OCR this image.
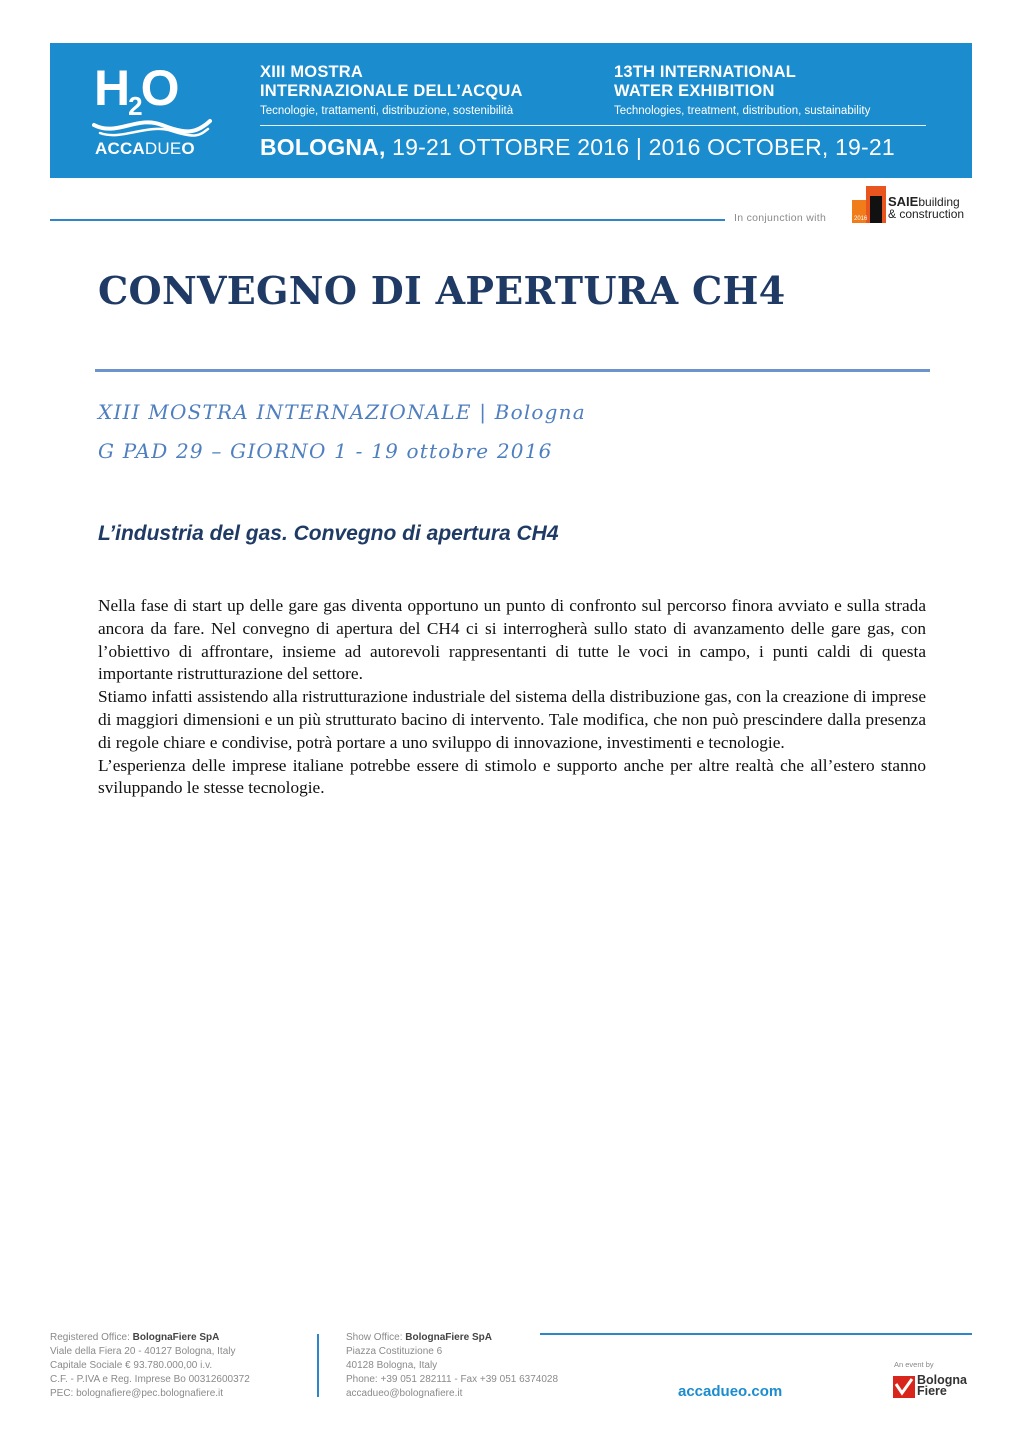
$H_2O$
ACCADUEO
XIII MOSTRA
INTERNAZIONALE DELL’ACQUA
Tecnologie, trattamenti, distribuzione, sostenibilità
13TH INTERNATIONAL
WATER EXHIBITION
Technologies, treatment, distribution, sustainability
BOLOGNA, 19-21 OTTOBRE 2016 | 2016 OCTOBER, 19-21
In conjunction with	2016
SAIEbuilding
& construction
CONVEGNO DI APERTURA CH4
XIII MOSTRA INTERNAZIONALE | Bologna
G PAD 29 – GIORNO 1 - 19 ottobre 2016
L’industria del gas. Convegno di apertura CH4

Nella fase di start up delle gare gas diventa opportuno un punto di confronto sul percorso finora avviato e sulla strada ancora da fare. Nel convegno di apertura del CH4 ci si interrogherà sullo stato di avanzamento delle gare gas, con l’obiettivo di affrontare, insieme ad autorevoli rappresentanti di tutte le voci in campo, i punti caldi di questa importante ristrutturazione del settore.

Stiamo infatti assistendo alla ristrutturazione industriale del sistema della distribuzione gas, con la creazione di imprese di maggiori dimensioni e un più strutturato bacino di intervento. Tale modifica, che non può prescindere dalla presenza di regole chiare e condivise, potrà portare a uno sviluppo di innovazione, investimenti e tecnologie.

L’esperienza delle imprese italiane potrebbe essere di stimolo e supporto anche per altre realtà che all’estero stanno sviluppando le stesse tecnologie.

Registered Office: BolognaFiere SpA
Viale della Fiera 20 - 40127 Bologna, Italy
Capitale Sociale € 93.780.000,00 i.v.
C.F. - P.IVA e Reg. Imprese Bo 00312600372
PEC: bolognafiere@pec.bolognafiere.it
Show Office: BolognaFiere SpA
Piazza Costituzione 6
40128 Bologna, Italy
Phone: +39 051 282111 - Fax +39 051 6374028
accadueo@bolognafiere.it	accadueo.com
An event by
Bologna
Fiere
